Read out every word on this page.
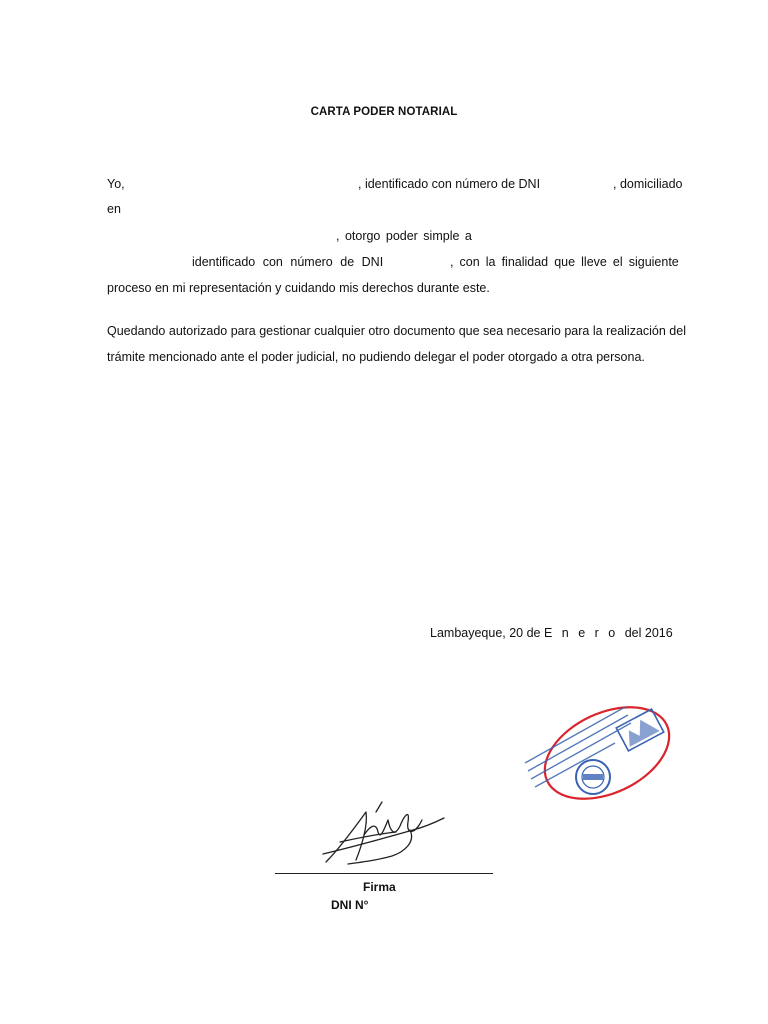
CARTA PODER NOTARIAL
Yo,	, identificado con número de DNI	, domiciliado
en
, otorgo poder simple a
identificado con número de DNI	, con la finalidad que lleve el siguiente
proceso en mi representación y cuidando mis derechos durante este.
Quedando autorizado para gestionar cualquier otro documento que sea necesario para la realización del trámite mencionado ante el poder judicial, no pudiendo delegar el poder otorgado a otra persona.
Lambayeque, 20 de E n e r o del 2016
Firma
DNI N°
